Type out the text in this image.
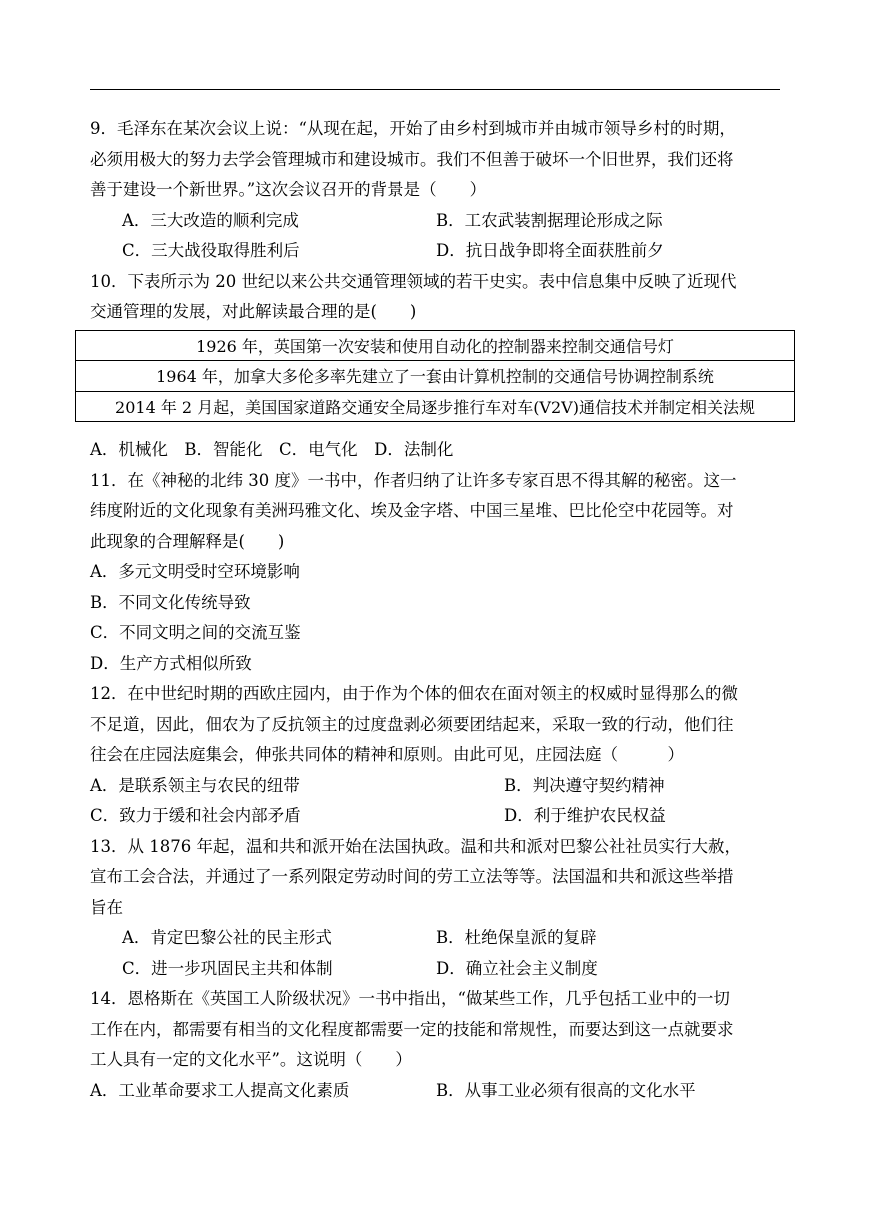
9．毛泽东在某次会议上说：“从现在起，开始了由乡村到城市并由城市领导乡村的时期，
必须用极大的努力去学会管理城市和建设城市。我们不但善于破坏一个旧世界，我们还将
善于建设一个新世界。”这次会议召开的背景是（　　）
A．三大改造的顺利完成	B．工农武装割据理论形成之际
C．三大战役取得胜利后	D．抗日战争即将全面获胜前夕
10．下表所示为 20 世纪以来公共交通管理领域的若干史实。表中信息集中反映了近现代
交通管理的发展，对此解读最合理的是(　　)
1926 年，英国第一次安装和使用自动化的控制器来控制交通信号灯
1964 年，加拿大多伦多率先建立了一套由计算机控制的交通信号协调控制系统
2014 年 2 月起，美国国家道路交通安全局逐步推行车对车(V2V)通信技术并制定相关法规
A．机械化　B．智能化　C．电气化　D．法制化
11．在《神秘的北纬 30 度》一书中，作者归纳了让许多专家百思不得其解的秘密。这一
纬度附近的文化现象有美洲玛雅文化、埃及金字塔、中国三星堆、巴比伦空中花园等。对
此现象的合理解释是(　　)
A．多元文明受时空环境影响
B．不同文化传统导致
C．不同文明之间的交流互鉴
D．生产方式相似所致
12．在中世纪时期的西欧庄园内，由于作为个体的佃农在面对领主的权威时显得那么的微
不足道，因此，佃农为了反抗领主的过度盘剥必须要团结起来，采取一致的行动，他们往
往会在庄园法庭集会，伸张共同体的精神和原则。由此可见，庄园法庭（　　　）
A．是联系领主与农民的纽带	B．判决遵守契约精神
C．致力于缓和社会内部矛盾	D．利于维护农民权益
13．从 1876 年起，温和共和派开始在法国执政。温和共和派对巴黎公社社员实行大赦，
宣布工会合法，并通过了一系列限定劳动时间的劳工立法等等。法国温和共和派这些举措
旨在
A．肯定巴黎公社的民主形式	B．杜绝保皇派的复辟
C．进一步巩固民主共和体制	D．确立社会主义制度
14．恩格斯在《英国工人阶级状况》一书中指出，“做某些工作，几乎包括工业中的一切
工作在内，都需要有相当的文化程度都需要一定的技能和常规性，而要达到这一点就要求
工人具有一定的文化水平”。这说明（　　）
A．工业革命要求工人提高文化素质	B．从事工业必须有很高的文化水平
